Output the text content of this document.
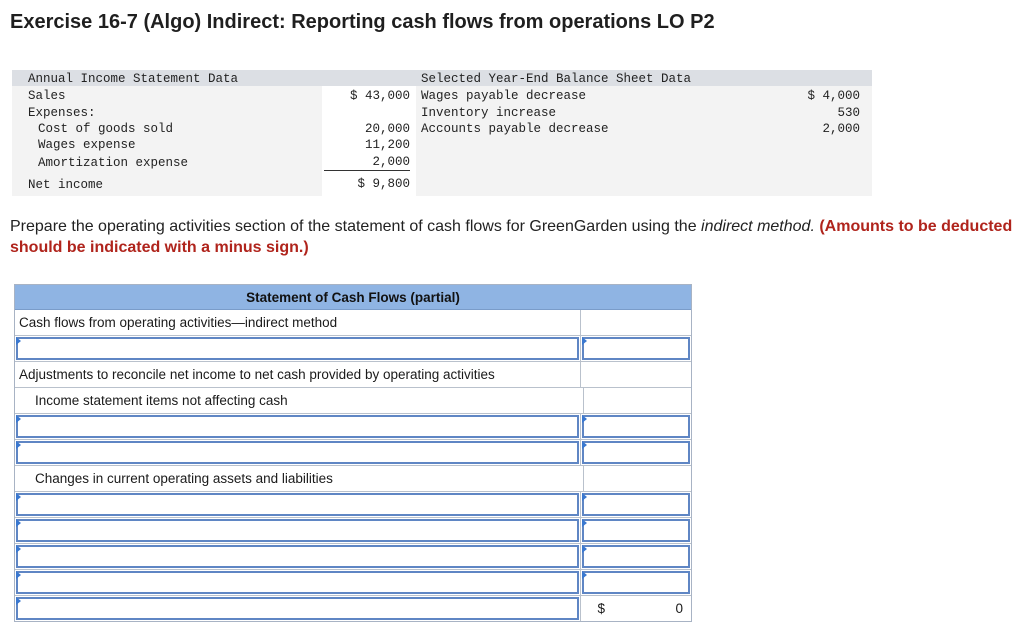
Exercise 16-7 (Algo) Indirect: Reporting cash flows from operations LO P2
Annual Income Statement Data
Sales	$ 43,000
Expenses:
Cost of goods sold	20,000
Wages expense	11,200
Amortization expense	2,000
Net income	$ 9,800
Selected Year-End Balance Sheet Data
Wages payable decrease	$ 4,000
Inventory increase	530
Accounts payable decrease	2,000
Prepare the operating activities section of the statement of cash flows for GreenGarden using the indirect method. (Amounts to be deducted should be indicated with a minus sign.)
Statement of Cash Flows (partial)
Cash flows from operating activities—indirect method
Adjustments to reconcile net income to net cash provided by operating activities
Income statement items not affecting cash
Changes in current operating assets and liabilities
$	0
